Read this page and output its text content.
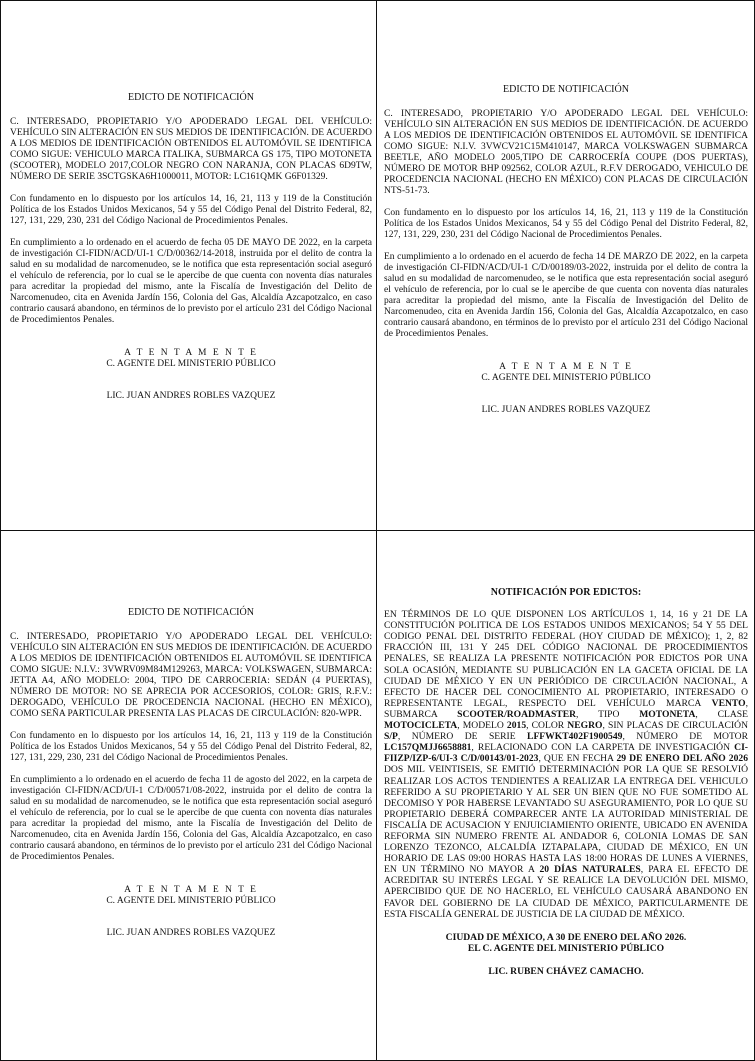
EDICTO DE NOTIFICACIÓN

C. INTERESADO, PROPIETARIO Y/O APODERADO LEGAL DEL VEHÍCULO: VEHÍCULO SIN ALTERACIÓN EN SUS MEDIOS DE IDENTIFICACIÓN. DE ACUERDO A LOS MEDIOS DE IDENTIFICACIÓN OBTENIDOS EL AUTOMÓVIL SE IDENTIFICA COMO SIGUE: VEHICULO MARCA ITALIKA, SUBMARCA GS 175, TIPO MOTONETA (SCOOTER), MODELO 2017,COLOR NEGRO CON NARANJA, CON PLACAS 6D9TW, NÚMERO DE SERIE 3SCTGSKA6H1000011, MOTOR: LC161QMK G6F01329.

Con fundamento en lo dispuesto por los artículos 14, 16, 21, 113 y 119 de la Constitución Política de los Estados Unidos Mexicanos, 54 y 55 del Código Penal del Distrito Federal, 82, 127, 131, 229, 230, 231 del Código Nacional de Procedimientos Penales.

En cumplimiento a lo ordenado en el acuerdo de fecha 05 DE MAYO DE 2022, en la carpeta de investigación CI-FIDN/ACD/UI-1 C/D/00362/14-2018, instruida por el delito de contra la salud en su modalidad de narcomenudeo, se le notifica que esta representación social aseguró el vehículo de referencia, por lo cual se le apercibe de que cuenta con noventa días naturales para acreditar la propiedad del mismo, ante la Fiscalía de Investigación del Delito de Narcomenudeo, cita en Avenida Jardín 156, Colonia del Gas, Alcaldía Azcapotzalco, en caso contrario causará abandono, en términos de lo previsto por el artículo 231 del Código Nacional de Procedimientos Penales.

A T E N T A M E N T E

C. AGENTE DEL MINISTERIO PÚBLICO

LIC. JUAN ANDRES ROBLES VAZQUEZ

EDICTO DE NOTIFICACIÓN

C. INTERESADO, PROPIETARIO Y/O APODERADO LEGAL DEL VEHÍCULO: VEHÍCULO SIN ALTERACIÓN EN SUS MEDIOS DE IDENTIFICACIÓN. DE ACUERDO A LOS MEDIOS DE IDENTIFICACIÓN OBTENIDOS EL AUTOMÓVIL SE IDENTIFICA COMO SIGUE: N.I.V. 3VWCV21C15M410147, MARCA VOLKSWAGEN SUBMARCA BEETLE, AÑO MODELO 2005,TIPO DE CARROCERÍA COUPE (DOS PUERTAS), NÚMERO DE MOTOR BHP 092562, COLOR AZUL, R.F.V DEROGADO, VEHICULO DE PROCEDENCIA NACIONAL (HECHO EN MÉXICO) CON PLACAS DE CIRCULACIÓN NTS-51-73.

Con fundamento en lo dispuesto por los artículos 14, 16, 21, 113 y 119 de la Constitución Política de los Estados Unidos Mexicanos, 54 y 55 del Código Penal del Distrito Federal, 82, 127, 131, 229, 230, 231 del Código Nacional de Procedimientos Penales.

En cumplimiento a lo ordenado en el acuerdo de fecha 14 DE MARZO DE 2022, en la carpeta de investigación CI-FIDN/ACD/UI-1 C/D/00189/03-2022, instruida por el delito de contra la salud en su modalidad de narcomenudeo, se le notifica que esta representación social aseguró el vehículo de referencia, por lo cual se le apercibe de que cuenta con noventa días naturales para acreditar la propiedad del mismo, ante la Fiscalía de Investigación del Delito de Narcomenudeo, cita en Avenida Jardín 156, Colonia del Gas, Alcaldía Azcapotzalco, en caso contrario causará abandono, en términos de lo previsto por el artículo 231 del Código Nacional de Procedimientos Penales.

A T E N T A M E N T E

C. AGENTE DEL MINISTERIO PÚBLICO

LIC. JUAN ANDRES ROBLES VAZQUEZ

EDICTO DE NOTIFICACIÓN

C. INTERESADO, PROPIETARIO Y/O APODERADO LEGAL DEL VEHÍCULO: VEHÍCULO SIN ALTERACIÓN EN SUS MEDIOS DE IDENTIFICACIÓN. DE ACUERDO A LOS MEDIOS DE IDENTIFICACIÓN OBTENIDOS EL AUTOMÓVIL SE IDENTIFICA COMO SIGUE: N.I.V.: 3VWRV09M84M129263, MARCA: VOLKSWAGEN, SUBMARCA: JETTA A4, AÑO MODELO: 2004, TIPO DE CARROCERIA: SEDÁN (4 PUERTAS), NÚMERO DE MOTOR: NO SE APRECIA POR ACCESORIOS, COLOR: GRIS, R.F.V.: DEROGADO, VEHÍCULO DE PROCEDENCIA NACIONAL (HECHO EN MÉXICO), COMO SEÑA PARTICULAR PRESENTA LAS PLACAS DE CIRCULACIÓN: 820-WPR.

Con fundamento en lo dispuesto por los artículos 14, 16, 21, 113 y 119 de la Constitución Política de los Estados Unidos Mexicanos, 54 y 55 del Código Penal del Distrito Federal, 82, 127, 131, 229, 230, 231 del Código Nacional de Procedimientos Penales.

En cumplimiento a lo ordenado en el acuerdo de fecha 11 de agosto del 2022, en la carpeta de investigación CI-FIDN/ACD/UI-1 C/D/00571/08-2022, instruida por el delito de contra la salud en su modalidad de narcomenudeo, se le notifica que esta representación social aseguró el vehículo de referencia, por lo cual se le apercibe de que cuenta con noventa días naturales para acreditar la propiedad del mismo, ante la Fiscalía de Investigación del Delito de Narcomenudeo, cita en Avenida Jardín 156, Colonia del Gas, Alcaldía Azcapotzalco, en caso contrario causará abandono, en términos de lo previsto por el artículo 231 del Código Nacional de Procedimientos Penales.

A T E N T A M E N T E

C. AGENTE DEL MINISTERIO PÚBLICO

LIC. JUAN ANDRES ROBLES VAZQUEZ

NOTIFICACIÓN POR EDICTOS:

EN TÉRMINOS DE LO QUE DISPONEN LOS ARTÍCULOS 1, 14, 16 y 21 DE LA CONSTITUCIÓN POLITICA DE LOS ESTADOS UNIDOS MEXICANOS; 54 Y 55 DEL CODIGO PENAL DEL DISTRITO FEDERAL (HOY CIUDAD DE MÉXICO); 1, 2, 82 FRACCIÓN III, 131 Y 245 DEL CÓDIGO NACIONAL DE PROCEDIMIENTOS PENALES, SE REALIZA LA PRESENTE NOTIFICACIÓN POR EDICTOS POR UNA SOLA OCASIÓN, MEDIANTE SU PUBLICACIÓN EN LA GACETA OFICIAL DE LA CIUDAD DE MÉXICO Y EN UN PERIÓDICO DE CIRCULACIÓN NACIONAL, A EFECTO DE HACER DEL CONOCIMIENTO AL PROPIETARIO, INTERESADO O REPRESENTANTE LEGAL, RESPECTO DEL VEHÍCULO MARCA VENTO, SUBMARCA SCOOTER/ROADMASTER, TIPO MOTONETA, CLASE MOTOCICLETA, MODELO 2015, COLOR NEGRO, SIN PLACAS DE CIRCULACIÓN S/P, NÚMERO DE SERIE LFFWKT402F1900549, NÚMERO DE MOTOR LC157QMJJ6658881, RELACIONADO CON LA CARPETA DE INVESTIGACIÓN CI-FIIZP/IZP-6/UI-3 C/D/00143/01-2023, QUE EN FECHA 29 DE ENERO DEL AÑO 2026 DOS MIL VEINTISEIS, SE EMITIÓ DETERMINACIÓN POR LA QUE SE RESOLVIÓ REALIZAR LOS ACTOS TENDIENTES A REALIZAR LA ENTREGA DEL VEHICULO REFERIDO A SU PROPIETARIO Y AL SER UN BIEN QUE NO FUE SOMETIDO AL DECOMISO Y POR HABERSE LEVANTADO SU ASEGURAMIENTO, POR LO QUE SU PROPIETARIO DEBERÁ COMPARECER ANTE LA AUTORIDAD MINISTERIAL DE FISCALÍA DE ACUSACION Y ENJUICIAMIENTO ORIENTE, UBICADO EN AVENIDA REFORMA SIN NUMERO FRENTE AL ANDADOR 6, COLONIA LOMAS DE SAN LORENZO TEZONCO, ALCALDÍA IZTAPALAPA, CIUDAD DE MÉXICO, EN UN HORARIO DE LAS 09:00 HORAS HASTA LAS 18:00 HORAS DE LUNES A VIERNES, EN UN TÉRMINO NO MAYOR A 20 DÍAS NATURALES, PARA EL EFECTO DE ACREDITAR SU INTERÉS LEGAL Y SE REALICE LA DEVOLUCIÓN DEL MISMO, APERCIBIDO QUE DE NO HACERLO, EL VEHÍCULO CAUSARÁ ABANDONO EN FAVOR DEL GOBIERNO DE LA CIUDAD DE MÉXICO, PARTICULARMENTE DE ESTA FISCALÍA GENERAL DE JUSTICIA DE LA CIUDAD DE MÉXICO.

CIUDAD DE MÉXICO, A 30 DE ENERO DEL AÑO 2026.

EL C. AGENTE DEL MINISTERIO PÚBLICO

LIC. RUBEN CHÁVEZ CAMACHO.
